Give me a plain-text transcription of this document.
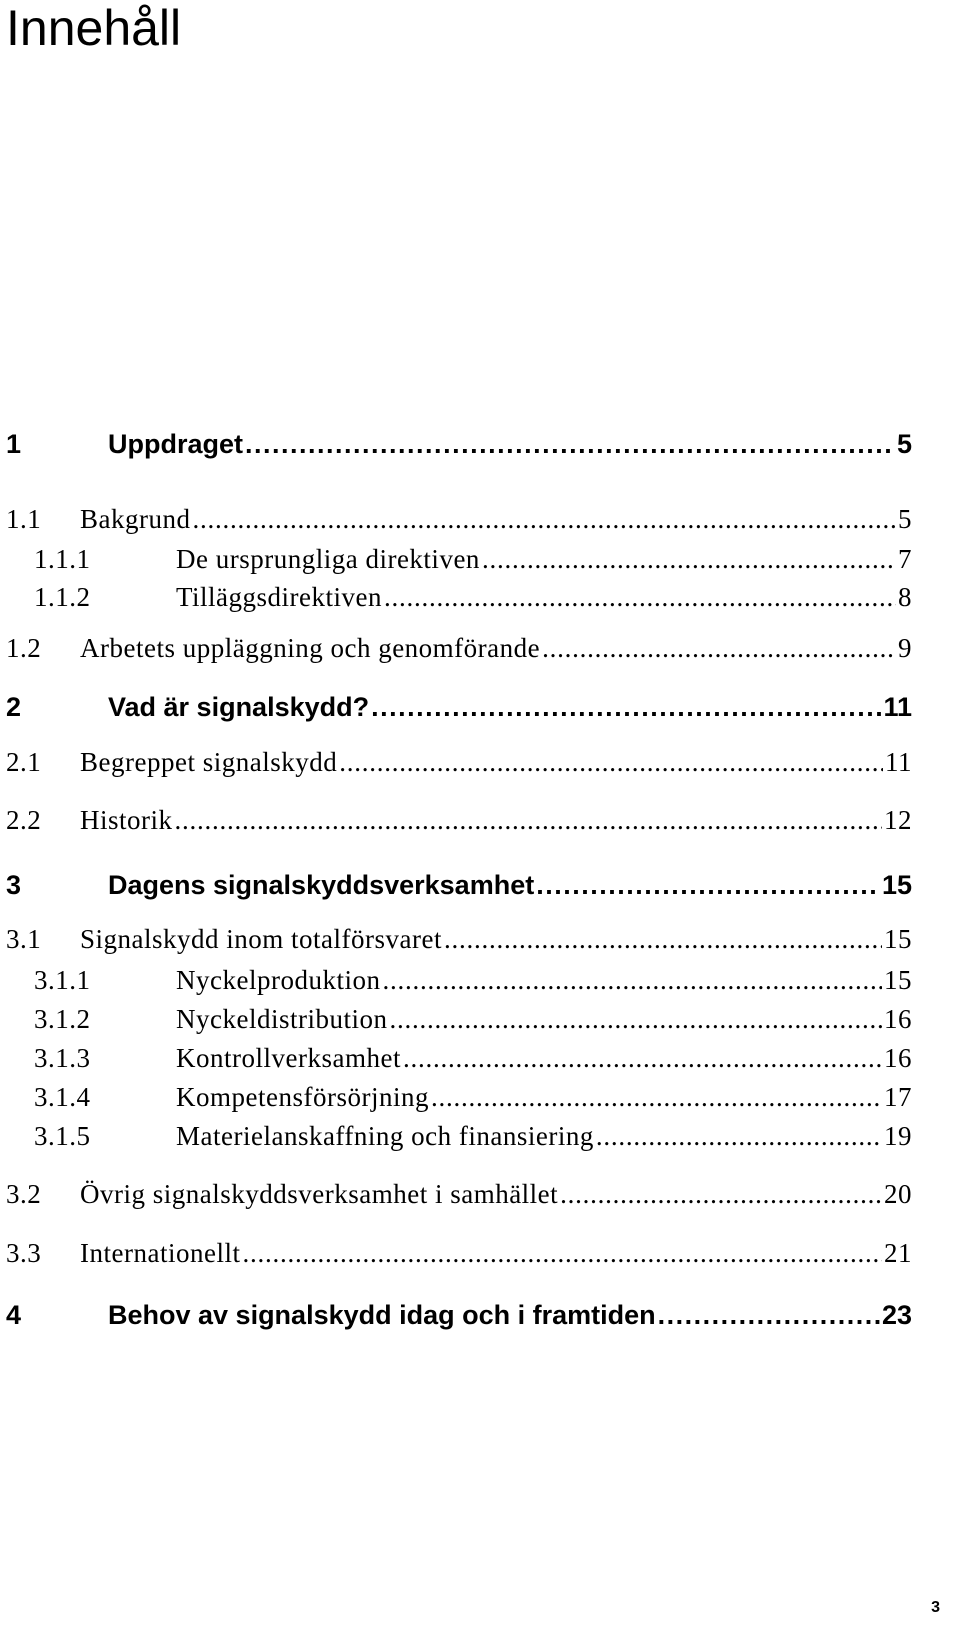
Innehåll
1	Uppdraget . . .	5
1.1 Bakgrund . . .	5
1.1.1	De ursprungliga direktiven . . .	7
1.1.2	Tilläggsdirektiven . . .	8
1.2 Arbetets uppläggning och genomförande . . .	9
2	Vad är signalskydd? . . .	11
2.1 Begreppet signalskydd . . .	11
2.2 Historik . . .	12
3	Dagens signalskyddsverksamhet . . .	15
3.1 Signalskydd inom totalförsvaret . . .	15
3.1.1	Nyckelproduktion . . .	15
3.1.2	Nyckeldistribution . . .	16
3.1.3	Kontrollverksamhet . . .	16
3.1.4	Kompetensförsörjning . . .	17
3.1.5	Materielanskaffning och finansiering . . .	19
3.2 Övrig signalskyddsverksamhet i samhället . . .	20
3.3 Internationellt . . .	21
4	Behov av signalskydd idag och i framtiden . . .	23
3
